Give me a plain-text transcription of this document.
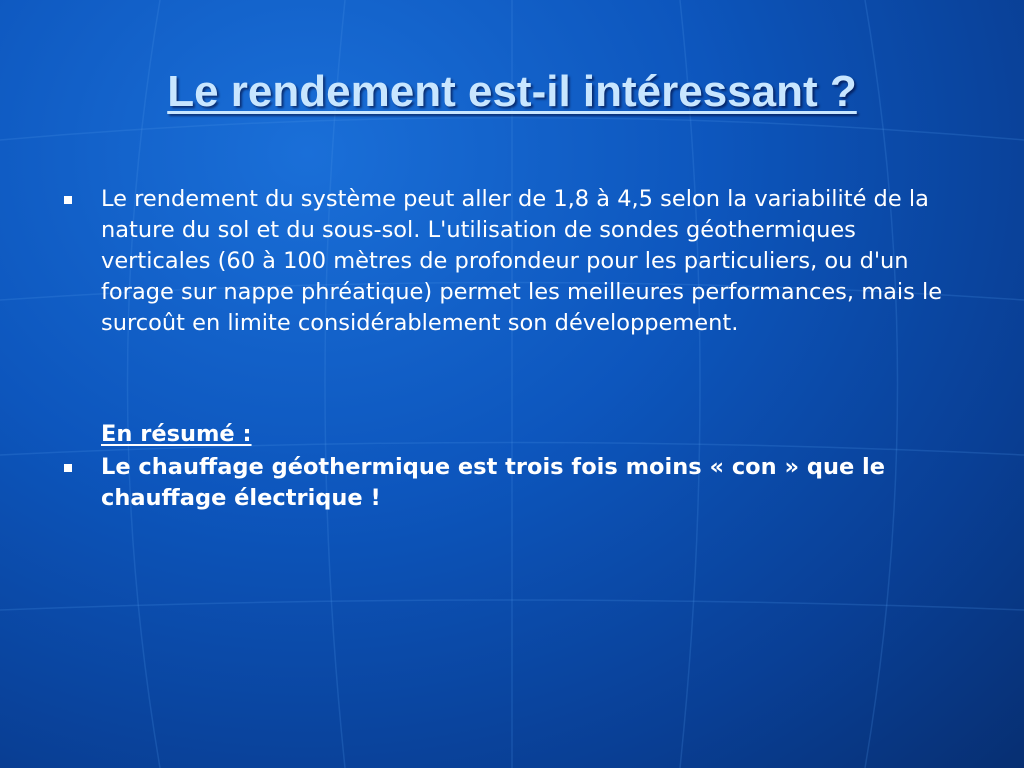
Le rendement est-il intéressant ?
Le rendement du système peut aller de 1,8 à 4,5 selon la variabilité de la nature du sol et du sous-sol. L'utilisation de sondes géothermiques verticales (60 à 100 mètres de profondeur pour les particuliers, ou d'un forage sur nappe phréatique) permet les meilleures performances, mais le surcoût en limite considérablement son développement.
En résumé :
Le chauffage géothermique est trois fois moins « con » que le chauffage électrique !
